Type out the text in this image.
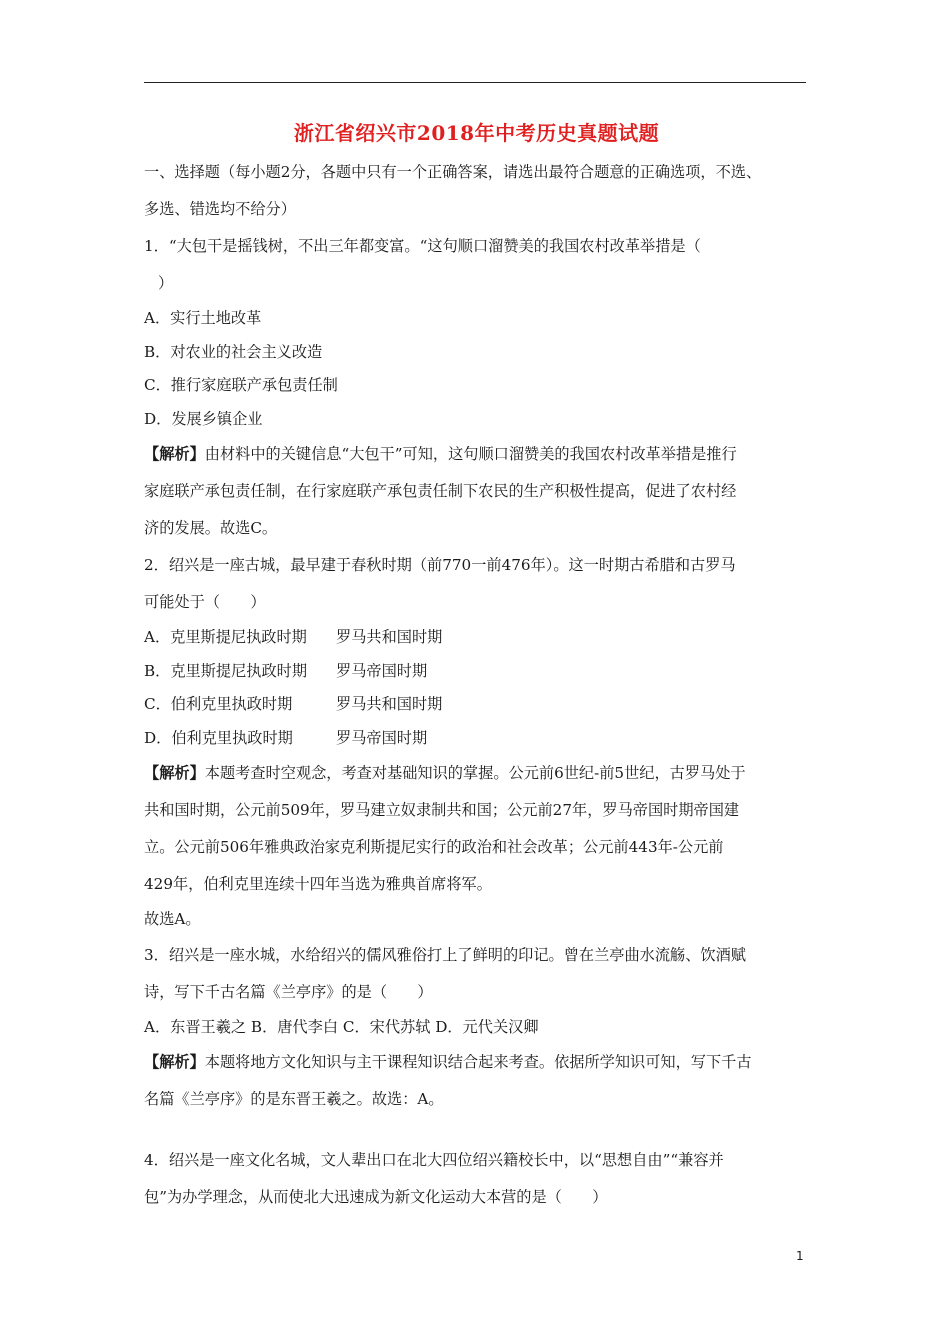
浙江省绍兴市2018年中考历史真题试题

一、选择题（每小题2分，各题中只有一个正确答案，请选出最符合题意的正确选项，不选、

多选、错选均不给分）

1．“大包干是摇钱树，不出三年都变富。“这句顺口溜赞美的我国农村改革举措是（

）

A．实行土地改革

B．对农业的社会主义改造

C．推行家庭联产承包责任制

D．发展乡镇企业

【解析】由材料中的关键信息“大包干”可知，这句顺口溜赞美的我国农村改革举措是推行

家庭联产承包责任制，在行家庭联产承包责任制下农民的生产积极性提高，促进了农村经

济的发展。故选C。

2．绍兴是一座古城，最早建于春秋时期（前770一前476年）。这一时期古希腊和古罗马

可能处于（　　）

A．克里斯提尼执政时期 罗马共和国时期

B．克里斯提尼执政时期 罗马帝国时期

C．伯利克里执政时期	罗马共和国时期

D．伯利克里执政时期	罗马帝国时期

【解析】本题考查时空观念，考查对基础知识的掌握。公元前6世纪-前5世纪，古罗马处于

共和国时期，公元前509年，罗马建立奴隶制共和国；公元前27年，罗马帝国时期帝国建

立。公元前506年雅典政治家克利斯提尼实行的政治和社会改革；公元前443年-公元前

429年，伯利克里连续十四年当选为雅典首席将军。

故选A。

3．绍兴是一座水城，水给绍兴的儒风雅俗打上了鲜明的印记。曾在兰亭曲水流觞、饮酒赋

诗，写下千古名篇《兰亭序》的是（　　）

A．东晋王羲之 B．唐代李白 C．宋代苏轼 D．元代关汉卿

【解析】本题将地方文化知识与主干课程知识结合起来考查。依据所学知识可知，写下千古

名篇《兰亭序》的是东晋王羲之。故选：A。

4．绍兴是一座文化名城，文人辈出口在北大四位绍兴籍校长中，以“思想自由”“兼容并

包”为办学理念，从而使北大迅速成为新文化运动大本营的是（　　）

1
